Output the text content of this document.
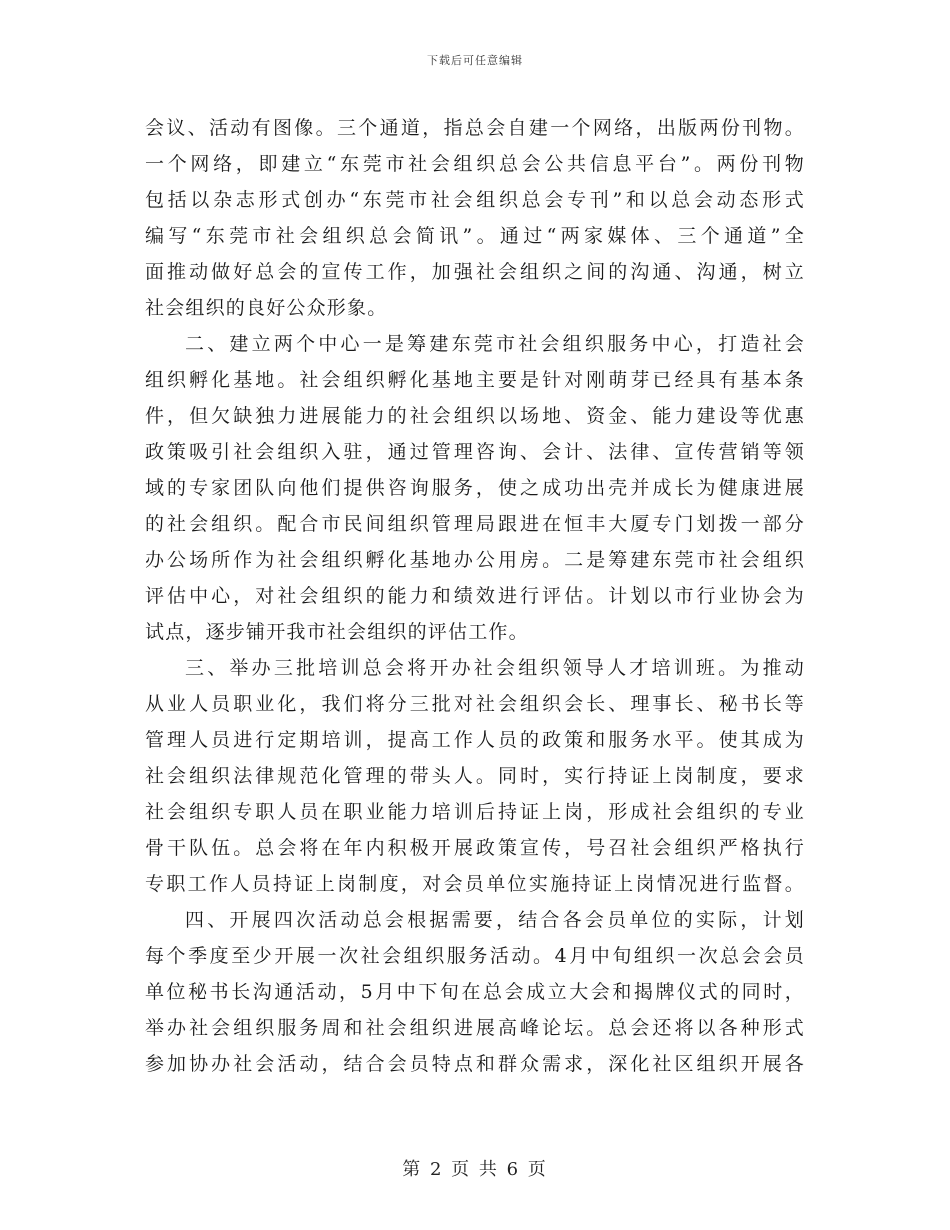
下载后可任意编辑
会议、活动有图像。三个通道，指总会自建一个网络，出版两份刊物。
一个网络，即建立“东莞市社会组织总会公共信息平台”。两份刊物
包括以杂志形式创办“东莞市社会组织总会专刊”和以总会动态形式
编写“东莞市社会组织总会简讯”。通过“两家媒体、三个通道”全
面推动做好总会的宣传工作，加强社会组织之间的沟通、沟通，树立
社会组织的良好公众形象。
二、建立两个中心一是筹建东莞市社会组织服务中心，打造社会
组织孵化基地。社会组织孵化基地主要是针对刚萌芽已经具有基本条
件，但欠缺独力进展能力的社会组织以场地、资金、能力建设等优惠
政策吸引社会组织入驻，通过管理咨询、会计、法律、宣传营销等领
域的专家团队向他们提供咨询服务，使之成功出壳并成长为健康进展
的社会组织。配合市民间组织管理局跟进在恒丰大厦专门划拨一部分
办公场所作为社会组织孵化基地办公用房。二是筹建东莞市社会组织
评估中心，对社会组织的能力和绩效进行评估。计划以市行业协会为
试点，逐步铺开我市社会组织的评估工作。
三、举办三批培训总会将开办社会组织领导人才培训班。为推动
从业人员职业化，我们将分三批对社会组织会长、理事长、秘书长等
管理人员进行定期培训，提高工作人员的政策和服务水平。使其成为
社会组织法律规范化管理的带头人。同时，实行持证上岗制度，要求
社会组织专职人员在职业能力培训后持证上岗，形成社会组织的专业
骨干队伍。总会将在年内积极开展政策宣传，号召社会组织严格执行
专职工作人员持证上岗制度，对会员单位实施持证上岗情况进行监督。
四、开展四次活动总会根据需要，结合各会员单位的实际，计划
每个季度至少开展一次社会组织服务活动。4月中旬组织一次总会会员
单位秘书长沟通活动，5月中下旬在总会成立大会和揭牌仪式的同时，
举办社会组织服务周和社会组织进展高峰论坛。总会还将以各种形式
参加协办社会活动，结合会员特点和群众需求，深化社区组织开展各
第 2 页 共 6 页
